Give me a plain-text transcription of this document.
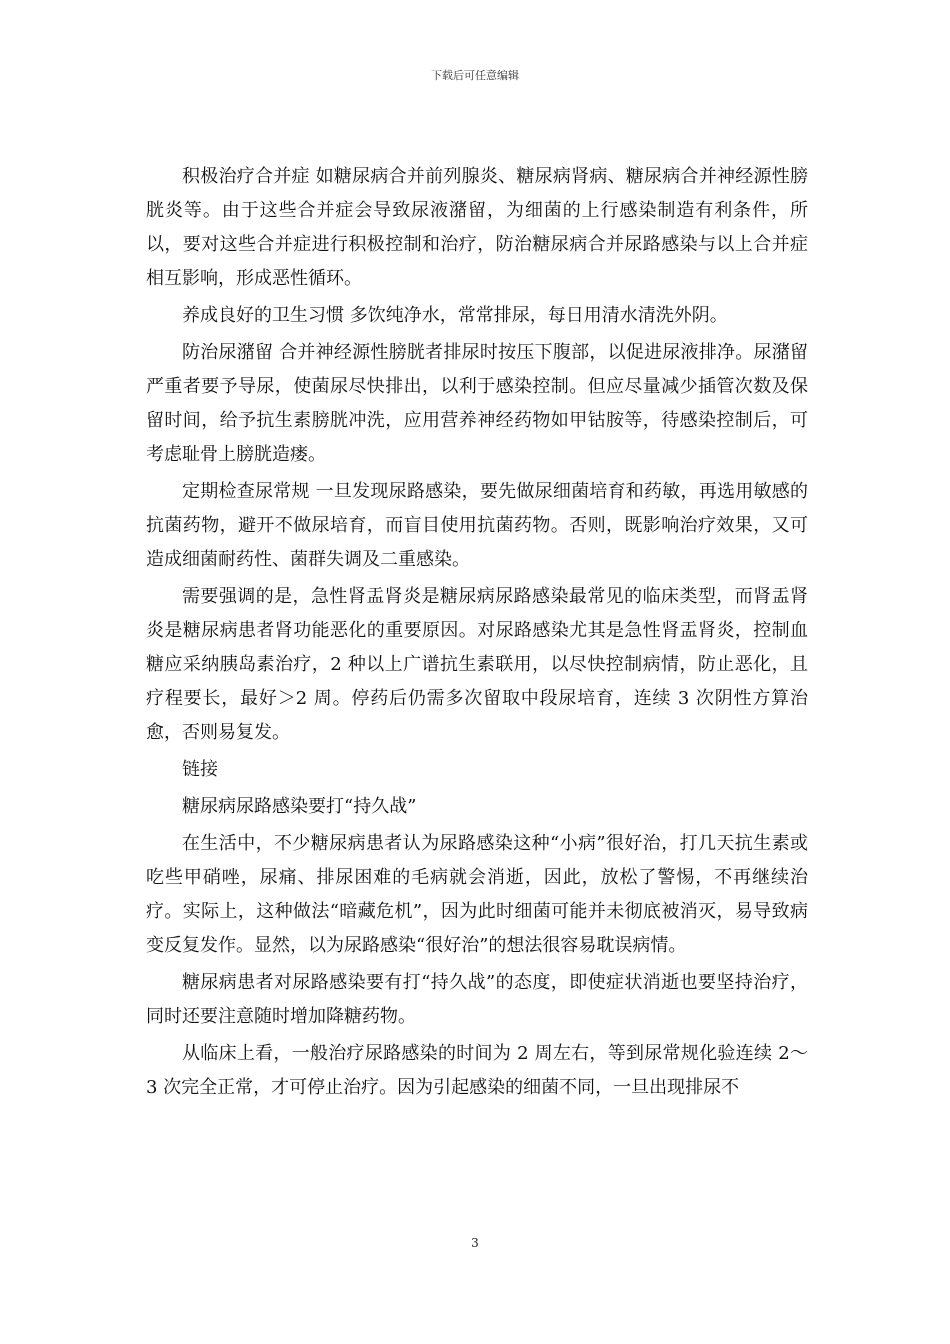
下载后可任意编辑

积极治疗合并症 如糖尿病合并前列腺炎、糖尿病肾病、糖尿病合并神经源性膀胱炎等。由于这些合并症会导致尿液潴留，为细菌的上行感染制造有利条件，所以，要对这些合并症进行积极控制和治疗，防治糖尿病合并尿路感染与以上合并症相互影响，形成恶性循环。

养成良好的卫生习惯 多饮纯净水，常常排尿，每日用清水清洗外阴。

防治尿潴留 合并神经源性膀胱者排尿时按压下腹部，以促进尿液排净。尿潴留严重者要予导尿，使菌尿尽快排出，以利于感染控制。但应尽量减少插管次数及保留时间，给予抗生素膀胱冲洗，应用营养神经药物如甲钴胺等，待感染控制后，可考虑耻骨上膀胱造瘘。

定期检查尿常规 一旦发现尿路感染，要先做尿细菌培育和药敏，再选用敏感的抗菌药物，避开不做尿培育，而盲目使用抗菌药物。否则，既影响治疗效果，又可造成细菌耐药性、菌群失调及二重感染。

需要强调的是，急性肾盂肾炎是糖尿病尿路感染最常见的临床类型，而肾盂肾炎是糖尿病患者肾功能恶化的重要原因。对尿路感染尤其是急性肾盂肾炎，控制血糖应采纳胰岛素治疗，2 种以上广谱抗生素联用，以尽快控制病情，防止恶化，且疗程要长，最好＞2 周。停药后仍需多次留取中段尿培育，连续 3 次阴性方算治愈，否则易复发。

链接

糖尿病尿路感染要打“持久战”

在生活中，不少糖尿病患者认为尿路感染这种“小病”很好治，打几天抗生素或吃些甲硝唑，尿痛、排尿困难的毛病就会消逝，因此，放松了警惕，不再继续治疗。实际上，这种做法“暗藏危机”，因为此时细菌可能并未彻底被消灭，易导致病变反复发作。显然，以为尿路感染“很好治”的想法很容易耽误病情。

糖尿病患者对尿路感染要有打“持久战”的态度，即使症状消逝也要坚持治疗，同时还要注意随时增加降糖药物。

从临床上看，一般治疗尿路感染的时间为 2 周左右，等到尿常规化验连续 2～3 次完全正常，才可停止治疗。因为引起感染的细菌不同，一旦出现排尿不

3
